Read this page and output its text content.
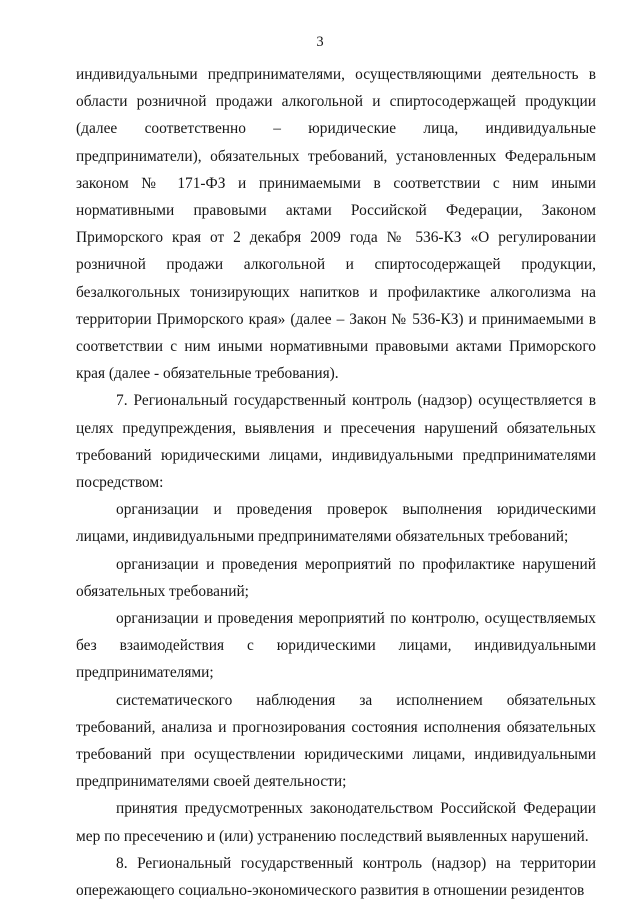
3

индивидуальными предпринимателями, осуществляющими деятельность в области розничной продажи алкогольной и спиртосодержащей продукции (далее соответственно – юридические лица, индивидуальные предприниматели), обязательных требований, установленных Федеральным законом № 171-ФЗ и принимаемыми в соответствии с ним иными нормативными правовыми актами Российской Федерации, Законом Приморского края от 2 декабря 2009 года № 536-КЗ «О регулировании розничной продажи алкогольной и спиртосодержащей продукции, безалкогольных тонизирующих напитков и профилактике алкоголизма на территории Приморского края» (далее – Закон № 536-КЗ) и принимаемыми в соответствии с ним иными нормативными правовыми актами Приморского края (далее - обязательные требования).

7. Региональный государственный контроль (надзор) осуществляется в целях предупреждения, выявления и пресечения нарушений обязательных требований юридическими лицами, индивидуальными предпринимателями посредством:

организации и проведения проверок выполнения юридическими лицами, индивидуальными предпринимателями обязательных требований;

организации и проведения мероприятий по профилактике нарушений обязательных требований;

организации и проведения мероприятий по контролю, осуществляемых без взаимодействия с юридическими лицами, индивидуальными предпринимателями;

систематического наблюдения за исполнением обязательных требований, анализа и прогнозирования состояния исполнения обязательных требований при осуществлении юридическими лицами, индивидуальными предпринимателями своей деятельности;

принятия предусмотренных законодательством Российской Федерации мер по пресечению и (или) устранению последствий выявленных нарушений.

8. Региональный государственный контроль (надзор) на территории опережающего социально-экономического развития в отношении резидентов
